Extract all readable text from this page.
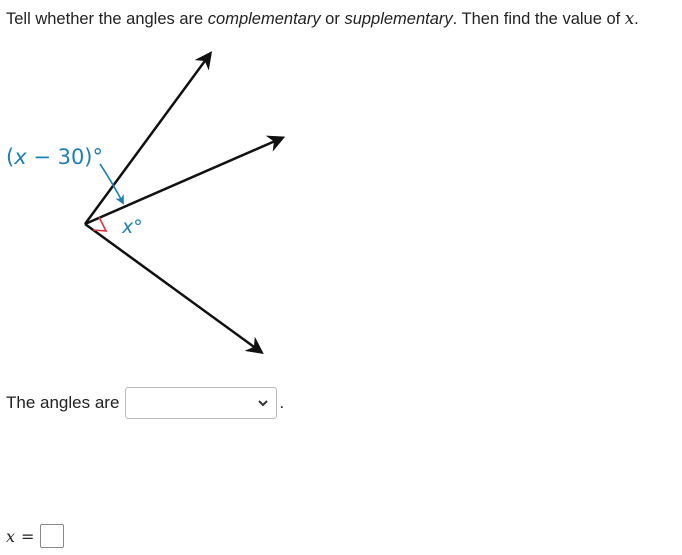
Tell whether the angles are complementary or supplementary. Then find the value of x.
(x − 30)°
x°
The angles are	.
x =
